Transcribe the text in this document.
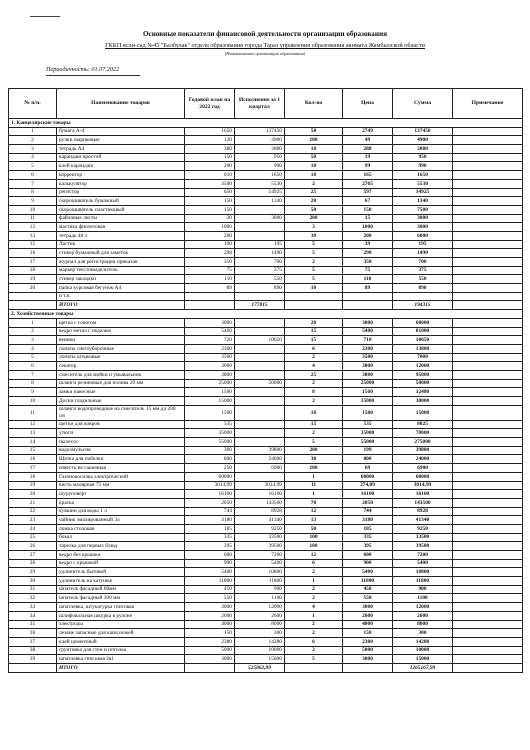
Основные показатели финансовой деятельности организации образования
ГККП ясли-сад №45 "Балбулак" отдела образования города Тараз управления образования акимата Жамбылской области
(Наименование организации образования)
Периодичность: 01.07.2022
№ п/п.	Наименование товаров	Годовой план на 2022 год	Исполнение за 1 квартал	Кол-во	Цена	Сумма	Примечание
1. Канцелярские товары							
1	бумага А-4	1650	137450	50	2749	137450	
2	ручки шариковые	120	4900	100	49	4900	
3	тетрадь А4	380	2880	10	288	2880	
4	карандаш простой	150	950	50	19	950	
5	клей карандаш	200	990	10	99	990	
6	корректор	610	1650	10	165	1650	
7	калькулятор	3500	5530	2	2765	5530	
8	регистор	650	14925	25	597	14925	
9	скорошиватель бумажный	150	1340	20	67	1340	
10	скорошиватель пластиковый	150		50	150	7500	
11	файловые листы	20	3000	200	15	3000	
12	мастика фиолетовая	1000		3	1000	3000	
13	тетрадь 48 л	200		30	200	6000	
15	Ластик	100	195	5	39	195	
16	стикер бумажный для заметок	298	1490	5	298	1490	
17	журнал для регистрации приказов	350	700	2	350	700	
18	маркер текстовыделитель	75	375	5	75	375	
19	стикер закладки	110	550	5	110	550	
20	папка курсовая бегунок А4	89	890	10	89	890	
	и т.п.						
	ИТОГО		177815			194315	
2. Хозяйственные товары							
1	щетка с совогом	3000		20	3000	60000	
2	ведро метал с педалью	5400		15	5400	81000	
3	веники	720	10650	15	710	10650	
4	лопаты снегоуборочные	2300		6	2300	13800	
5	лопаты штыковые	3500		2	3500	7000	
6	секатор	3000		4	3000	12000	
7	смеситель для мойки и умывальник	3800		25	3800	95000	
8	шланги резиновые для полива 20 мм	25000	50000	2	25000	50000	
9	замки навесные	1560		8	1560	12480	
10	Доски гладильные	15000		2	15000	30000	
11	шланги водопроводные на смеситель 15 мм дл 200 см	1500		10	1500	15000	
12	щетки для ковров	535		15	535	8025	
13	утюги	35000		2	35000	70000	
14	пылесос	55000		5	55000	275000	
15	водоэмульсия	300	39800	200	199	39800	
16	Щетка для побелки	800	24000	30	800	24000	
17	известь не гашенная	250	6900	100	69	6900	
18	Газонокосилка электрический	60000		1	60000	60000	
19	кисть малярная 75 мм	3014,99	3014,99	11	274,09	3014,99	
20	шуруповерт	16100	16100	1	16100	16100	
21	краска	2050	143500	70	2050	143500	
22	кувшин для воды 1 л	744	8928	12	744	8928	
23	чайник эмалированный 3л	3180	41340	13	3180	41340	
24	ложка столовая	185	9250	50	185	9250	
25	бокал	335	33500	100	335	33500	
26	тарелка для первых блюд	395	39500	100	395	39500	
27	ведро без крышки	600	7200	12	600	7200	
28	ведро с крышкой	900	5400	6	900	5400	
29	удлинитель бытовой	5400	10800	2	5400	10800	
30	удлинитель на катушке	11800	11800	1	11800	11800	
31	шпатель фасадный 60мм	450	900	2	450	900	
32	шпатель фасадный 300 мм	550	1100	2	550	1100	
33	шпатлевка, штукатурка гипсовая	3000	12000	4	3000	12000	
34	шлифовальная шкурка в рулоне	2600	2600	1	2600	2600	
35	электроды	4000	8000	2	4000	8000	
36	лезвие запасные для канц.ножей	150	300	2	150	300	
37	клей цементный	2380	14280	6	2380	14280	
38	грунтовка для стен и потолка	5000	10000	2	5000	10000	
39	шпатлевка гипсовая 2в1	3000	15000	5	3000	15000	
	ИТОГО		525862,99			1265167,99	
